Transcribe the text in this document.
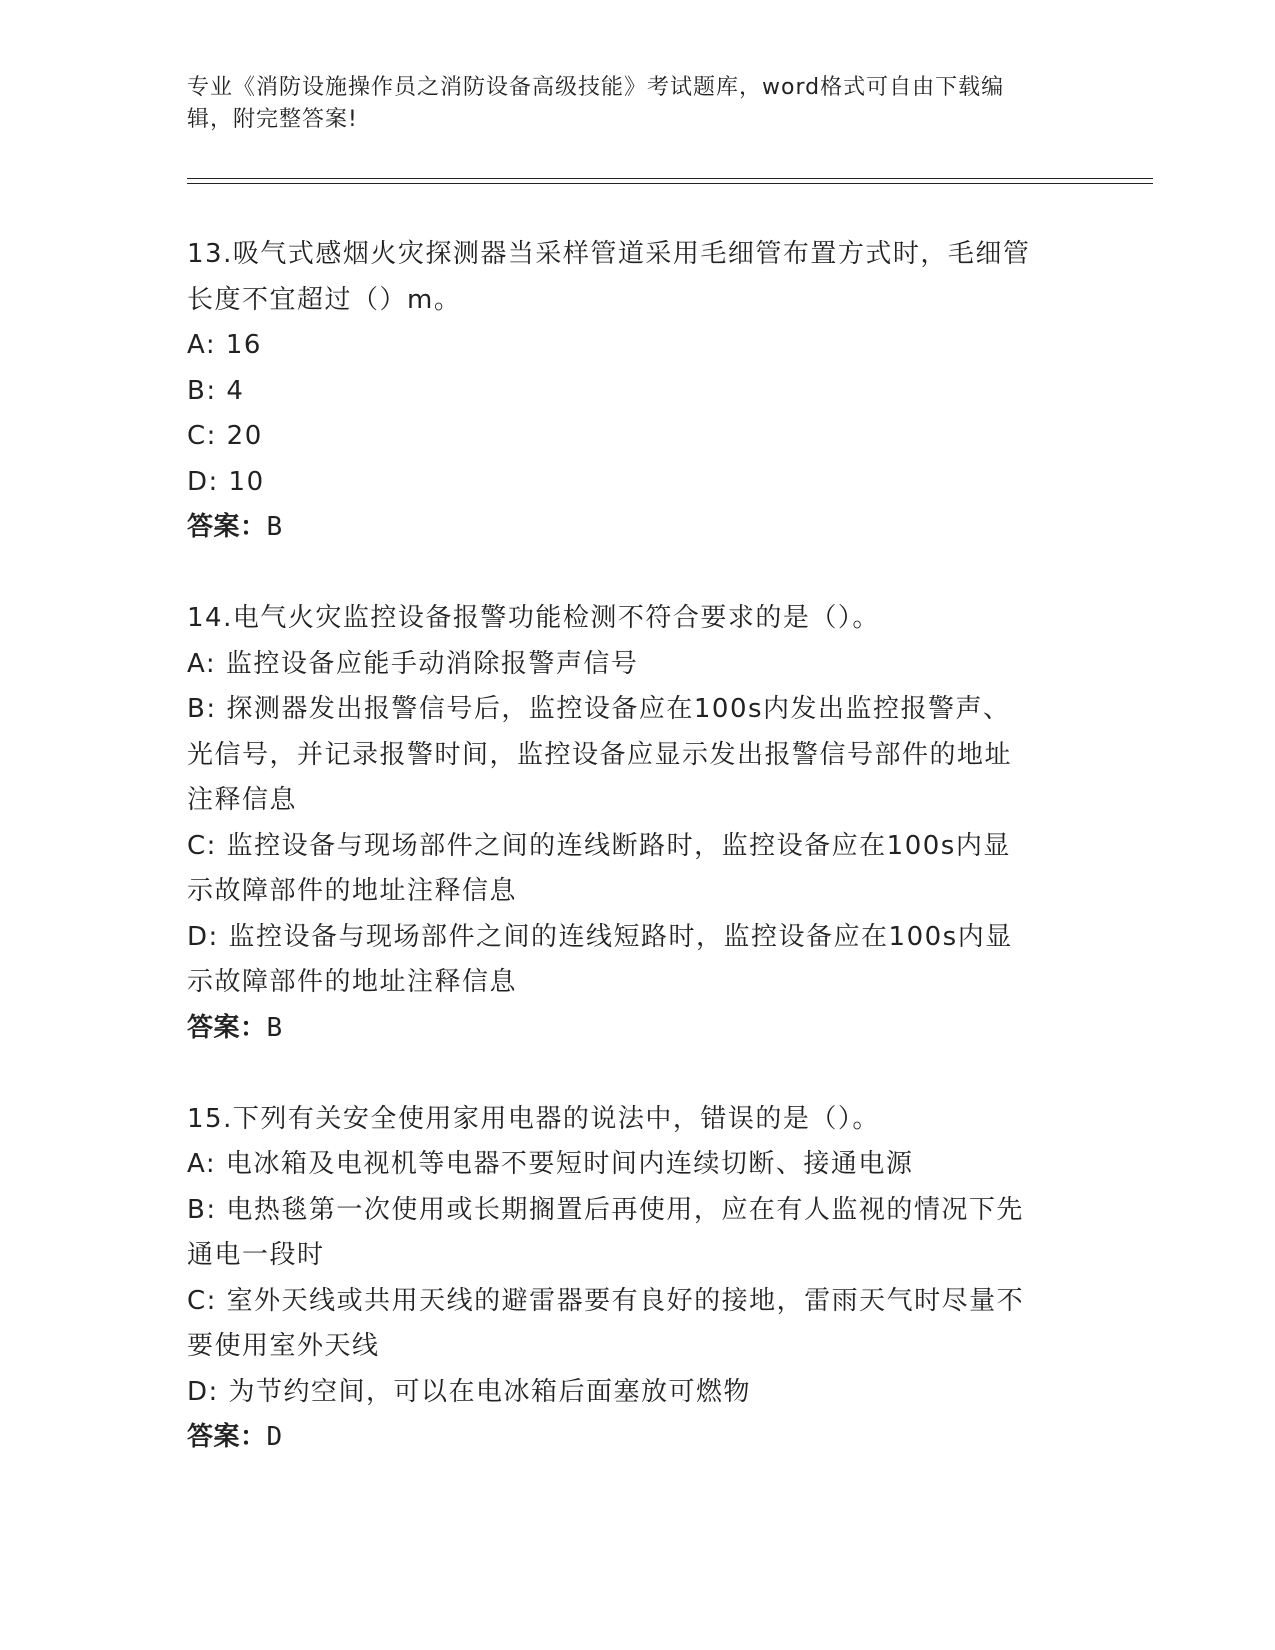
专业《消防设施操作员之消防设备高级技能》考试题库，word格式可自由下载编
辑，附完整答案!
13.吸气式感烟火灾探测器当采样管道采用毛细管布置方式时，毛细管
长度不宜超过（）m。
A: 16
B: 4
C: 20
D: 10
答案：B
14.电气火灾监控设备报警功能检测不符合要求的是（）。
A: 监控设备应能手动消除报警声信号
B: 探测器发出报警信号后，监控设备应在100s内发出监控报警声、
光信号，并记录报警时间，监控设备应显示发出报警信号部件的地址
注释信息
C: 监控设备与现场部件之间的连线断路时，监控设备应在100s内显
示故障部件的地址注释信息
D: 监控设备与现场部件之间的连线短路时，监控设备应在100s内显
示故障部件的地址注释信息
答案：B
15.下列有关安全使用家用电器的说法中，错误的是（）。
A: 电冰箱及电视机等电器不要短时间内连续切断、接通电源
B: 电热毯第一次使用或长期搁置后再使用，应在有人监视的情况下先
通电一段时
C: 室外天线或共用天线的避雷器要有良好的接地，雷雨天气时尽量不
要使用室外天线
D: 为节约空间，可以在电冰箱后面塞放可燃物
答案：D
